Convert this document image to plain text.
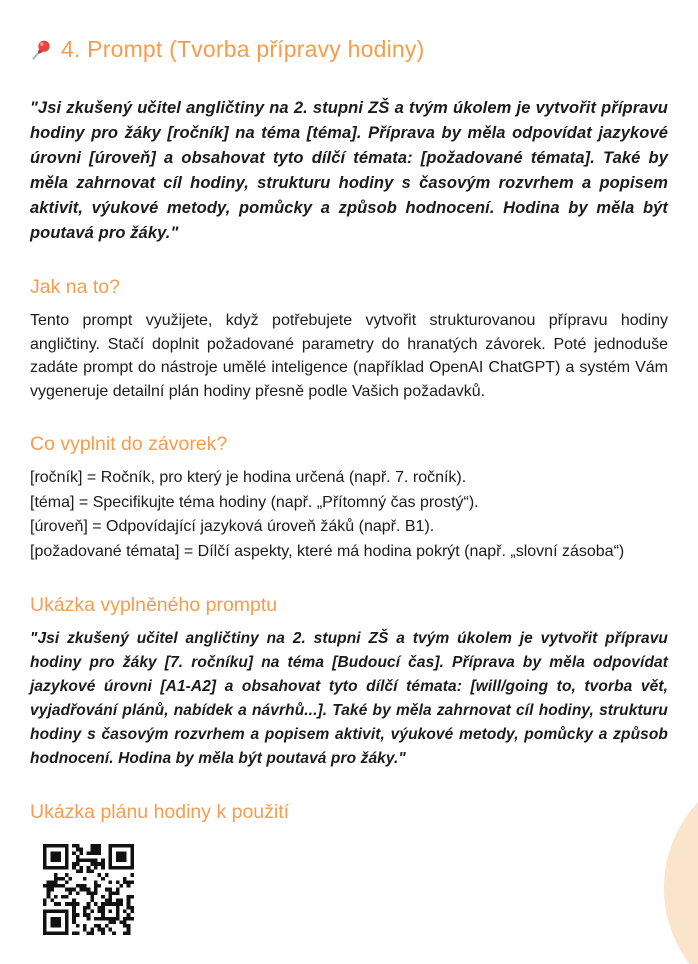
4. Prompt (Tvorba přípravy hodiny)

"Jsi zkušený učitel angličtiny na 2. stupni ZŠ a tvým úkolem je vytvořit přípravu hodiny pro žáky [ročník] na téma [téma]. Příprava by měla odpovídat jazykové úrovni [úroveň] a obsahovat tyto dílčí témata: [požadované témata]. Také by měla zahrnovat cíl hodiny, strukturu hodiny s časovým rozvrhem a popisem aktivit, výukové metody, pomůcky a způsob hodnocení. Hodina by měla být poutavá pro žáky."

Jak na to?

Tento prompt využijete, když potřebujete vytvořit strukturovanou přípravu hodiny angličtiny. Stačí doplnit požadované parametry do hranatých závorek. Poté jednoduše zadáte prompt do nástroje umělé inteligence (například OpenAI ChatGPT) a systém Vám vygeneruje detailní plán hodiny přesně podle Vašich požadavků.

Co vyplnit do závorek?
[ročník] = Ročník, pro který je hodina určená (např. 7. ročník).
[téma] = Specifikujte téma hodiny (např. „Přítomný čas prostý“).
[úroveň] = Odpovídající jazyková úroveň žáků (např. B1).
[požadované témata] = Dílčí aspekty, které má hodina pokrýt (např. „slovní zásoba“)
Ukázka vyplněného promptu

"Jsi zkušený učitel angličtiny na 2. stupni ZŠ a tvým úkolem je vytvořit přípravu hodiny pro žáky [7. ročníku] na téma [Budoucí čas]. Příprava by měla odpovídat jazykové úrovni [A1-A2] a obsahovat tyto dílčí témata: [will/going to, tvorba vět, vyjadřování plánů, nabídek a návrhů...]. Také by měla zahrnovat cíl hodiny, strukturu hodiny s časovým rozvrhem a popisem aktivit, výukové metody, pomůcky a způsob hodnocení. Hodina by měla být poutavá pro žáky."

Ukázka plánu hodiny k použití
